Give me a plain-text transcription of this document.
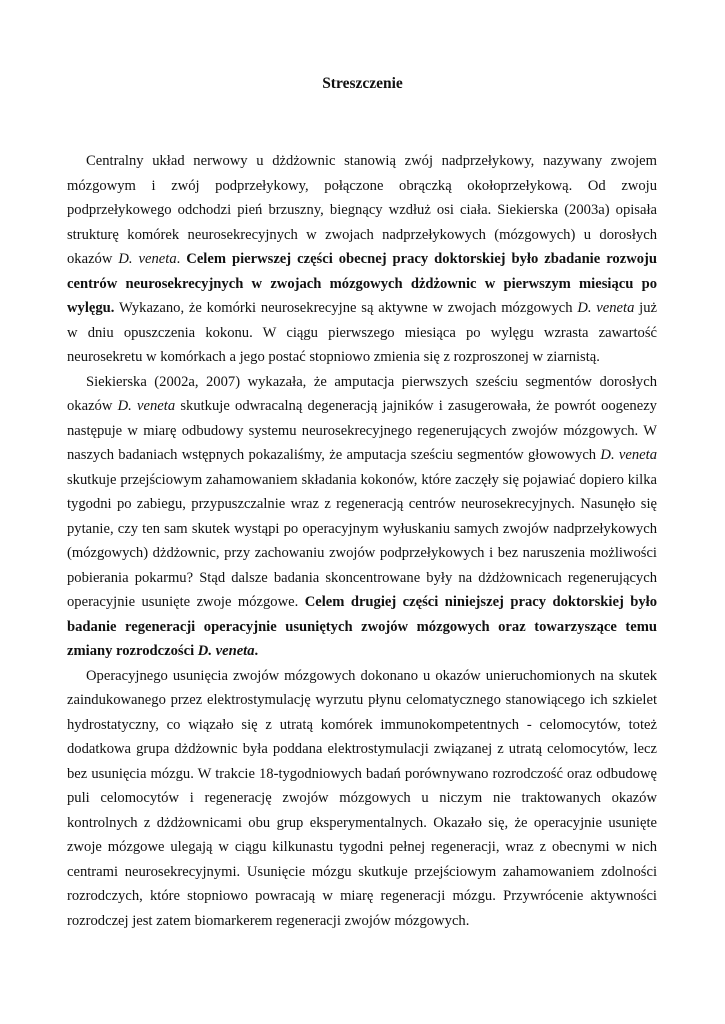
Streszczenie

Centralny układ nerwowy u dżdżownic stanowią zwój nadprzełykowy, nazywany zwojem mózgowym i zwój podprzełykowy, połączone obrączką okołoprzełykową. Od zwoju podprzełykowego odchodzi pień brzuszny, biegnący wzdłuż osi ciała. Siekierska (2003a) opisała strukturę komórek neurosekrecyjnych w zwojach nadprzełykowych (mózgowych) u dorosłych okazów D. veneta. Celem pierwszej części obecnej pracy doktorskiej było zbadanie rozwoju centrów neurosekrecyjnych w zwojach mózgowych dżdżownic w pierwszym miesiącu po wylęgu. Wykazano, że komórki neurosekrecyjne są aktywne w zwojach mózgowych D. veneta już w dniu opuszczenia kokonu. W ciągu pierwszego miesiąca po wylęgu wzrasta zawartość neurosekretu w komórkach a jego postać stopniowo zmienia się z rozproszonej w ziarnistą.

Siekierska (2002a, 2007) wykazała, że amputacja pierwszych sześciu segmentów dorosłych okazów D. veneta skutkuje odwracalną degeneracją jajników i zasugerowała, że powrót oogenezy następuje w miarę odbudowy systemu neurosekrecyjnego regenerujących zwojów mózgowych. W naszych badaniach wstępnych pokazaliśmy, że amputacja sześciu segmentów głowowych D. veneta skutkuje przejściowym zahamowaniem składania kokonów, które zaczęły się pojawiać dopiero kilka tygodni po zabiegu, przypuszczalnie wraz z regeneracją centrów neurosekrecyjnych. Nasunęło się pytanie, czy ten sam skutek wystąpi po operacyjnym wyłuskaniu samych zwojów nadprzełykowych (mózgowych) dżdżownic, przy zachowaniu zwojów podprzełykowych i bez naruszenia możliwości pobierania pokarmu? Stąd dalsze badania skoncentrowane były na dżdżownicach regenerujących operacyjnie usunięte zwoje mózgowe. Celem drugiej części niniejszej pracy doktorskiej było badanie regeneracji operacyjnie usuniętych zwojów mózgowych oraz towarzyszące temu zmiany rozrodczości D. veneta.

Operacyjnego usunięcia zwojów mózgowych dokonano u okazów unieruchomionych na skutek zaindukowanego przez elektrostymulację wyrzutu płynu celomatycznego stanowiącego ich szkielet hydrostatyczny, co wiązało się z utratą komórek immunokompetentnych - celomocytów, toteż dodatkowa grupa dżdżownic była poddana elektrostymulacji związanej z utratą celomocytów, lecz bez usunięcia mózgu. W trakcie 18-tygodniowych badań porównywano rozrodczość oraz odbudowę puli celomocytów i regenerację zwojów mózgowych u niczym nie traktowanych okazów kontrolnych z dżdżownicami obu grup eksperymentalnych. Okazało się, że operacyjnie usunięte zwoje mózgowe ulegają w ciągu kilkunastu tygodni pełnej regeneracji, wraz z obecnymi w nich centrami neurosekrecyjnymi. Usunięcie mózgu skutkuje przejściowym zahamowaniem zdolności rozrodczych, które stopniowo powracają w miarę regeneracji mózgu. Przywrócenie aktywności rozrodczej jest zatem biomarkerem regeneracji zwojów mózgowych.
